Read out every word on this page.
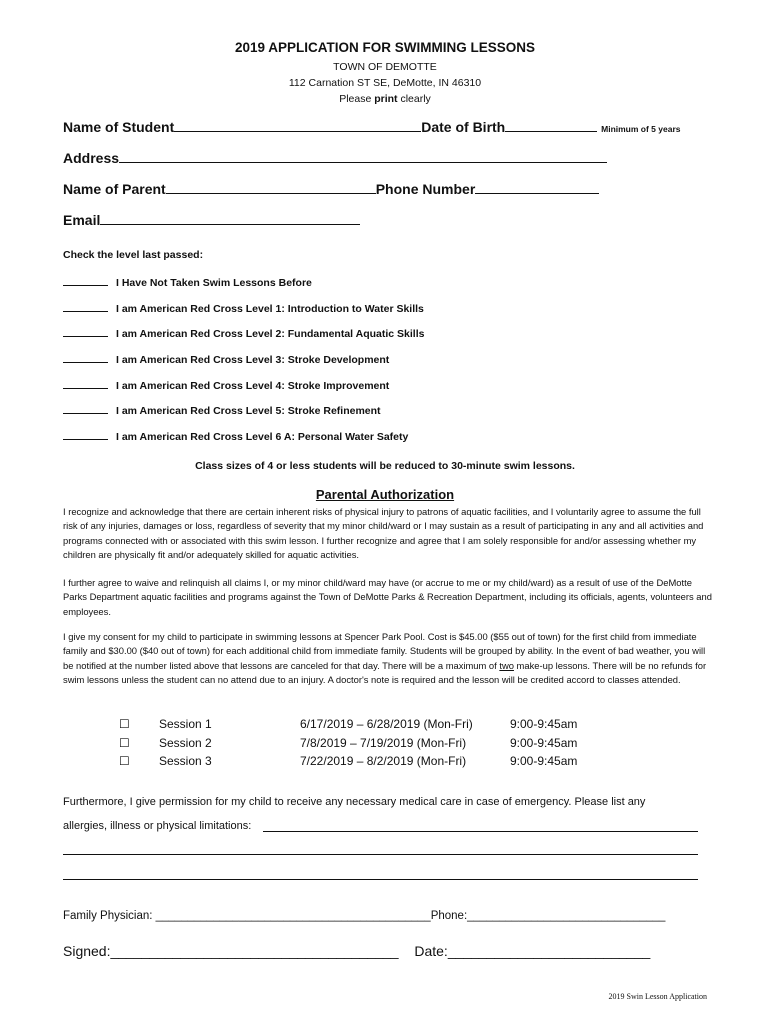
2019 APPLICATION FOR SWIMMING LESSONS
TOWN OF DEMOTTE
112 Carnation ST SE, DeMotte, IN 46310
Please print clearly
Name of Student	Date of Birth	Minimum of 5 years
Address
Name of Parent	Phone Number
Email
Check the level last passed:
I Have Not Taken Swim Lessons Before
I am American Red Cross Level 1: Introduction to Water Skills
I am American Red Cross Level 2: Fundamental Aquatic Skills
I am American Red Cross Level 3: Stroke Development
I am American Red Cross Level 4: Stroke Improvement
I am American Red Cross Level 5: Stroke Refinement
I am American Red Cross Level 6 A: Personal Water Safety
Class sizes of 4 or less students will be reduced to 30-minute swim lessons.
Parental Authorization
I recognize and acknowledge that there are certain inherent risks of physical injury to patrons of aquatic facilities, and I voluntarily agree to assume the full risk of any injuries, damages or loss, regardless of severity that my minor child/ward or I may sustain as a result of participating in any and all activities and programs connected with or associated with this swim lesson. I further recognize and agree that I am solely responsible for and/or assessing whether my children are physically fit and/or adequately skilled for aquatic activities.
I further agree to waive and relinquish all claims I, or my minor child/ward may have (or accrue to me or my child/ward) as a result of use of the DeMotte Parks Department aquatic facilities and programs against the Town of DeMotte Parks & Recreation Department, including its officials, agents, volunteers and employees.
I give my consent for my child to participate in swimming lessons at Spencer Park Pool. Cost is $45.00 ($55 out of town) for the first child from immediate family and $30.00 ($40 out of town) for each additional child from immediate family. Students will be grouped by ability. In the event of bad weather, you will be notified at the number listed above that lessons are canceled for that day. There will be a maximum of two make-up lessons. There will be no refunds for swim lessons unless the student can no attend due to an injury. A doctor's note is required and the lesson will be credited accord to classes attended.
☐ Session 1	6/17/2019 – 6/28/2019 (Mon-Fri)	9:00-9:45am
☐ Session 2	7/8/2019 – 7/19/2019 (Mon-Fri)	9:00-9:45am
☐ Session 3	7/22/2019 – 8/2/2019 (Mon-Fri)	9:00-9:45am
Furthermore, I give permission for my child to receive any necessary medical care in case of emergency. Please list any
allergies, illness or physical limitations:
Family Physician: ___________________________________________Phone:_______________________________
Signed:_____________________________________ Date:__________________________
2019 Swin Lesson Application
